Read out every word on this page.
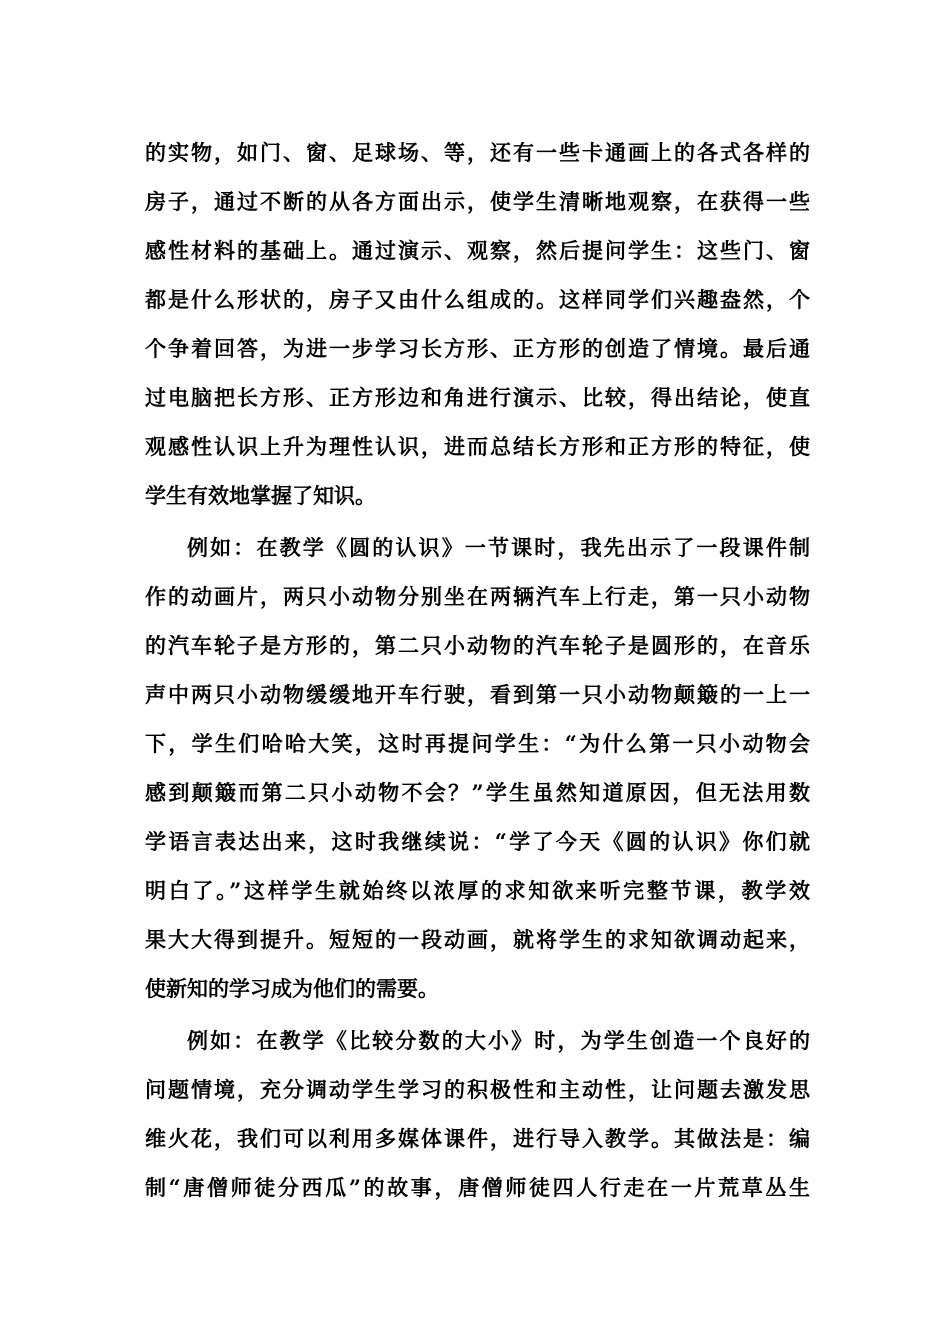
的实物，如门、窗、足球场、等，还有一些卡通画上的各式各样的
房子，通过不断的从各方面出示，使学生清晰地观察，在获得一些
感性材料的基础上。通过演示、观察，然后提问学生：这些门、窗
都是什么形状的，房子又由什么组成的。这样同学们兴趣盎然，个
个争着回答，为进一步学习长方形、正方形的创造了情境。最后通
过电脑把长方形、正方形边和角进行演示、比较，得出结论，使直
观感性认识上升为理性认识，进而总结长方形和正方形的特征，使
学生有效地掌握了知识。
例如：在教学《圆的认识》一节课时，我先出示了一段课件制
作的动画片，两只小动物分别坐在两辆汽车上行走，第一只小动物
的汽车轮子是方形的，第二只小动物的汽车轮子是圆形的，在音乐
声中两只小动物缓缓地开车行驶，看到第一只小动物颠簸的一上一
下，学生们哈哈大笑，这时再提问学生：“为什么第一只小动物会
感到颠簸而第二只小动物不会？”学生虽然知道原因，但无法用数
学语言表达出来，这时我继续说：“学了今天《圆的认识》你们就
明白了。”这样学生就始终以浓厚的求知欲来听完整节课，教学效
果大大得到提升。短短的一段动画，就将学生的求知欲调动起来，
使新知的学习成为他们的需要。
例如：在教学《比较分数的大小》时，为学生创造一个良好的
问题情境，充分调动学生学习的积极性和主动性，让问题去激发思
维火花，我们可以利用多媒体课件，进行导入教学。其做法是：编
制“唐僧师徒分西瓜”的故事，唐僧师徒四人行走在一片荒草丛生
